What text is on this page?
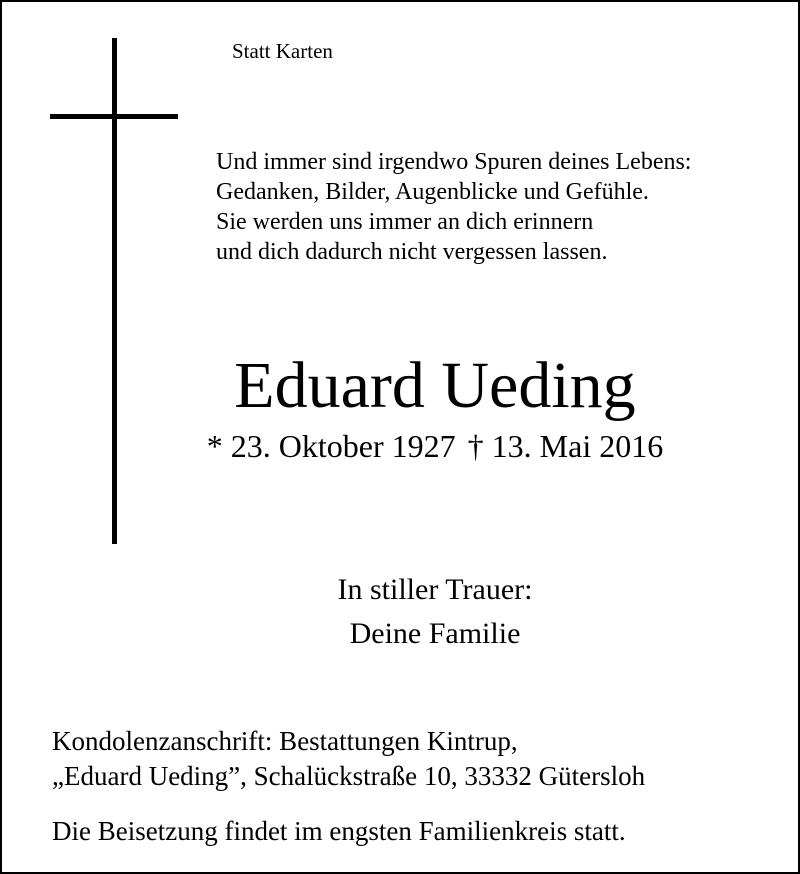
Statt Karten
Und immer sind irgendwo Spuren deines Lebens:
Gedanken, Bilder, Augenblicke und Gefühle.
Sie werden uns immer an dich erinnern
und dich dadurch nicht vergessen lassen.
Eduard Ueding
* 23. Oktober 1927 † 13. Mai 2016
In stiller Trauer:
Deine Familie
Kondolenzanschrift: Bestattungen Kintrup,
„Eduard Ueding”, Schalückstraße 10, 33332 Gütersloh
Die Beisetzung findet im engsten Familienkreis statt.
